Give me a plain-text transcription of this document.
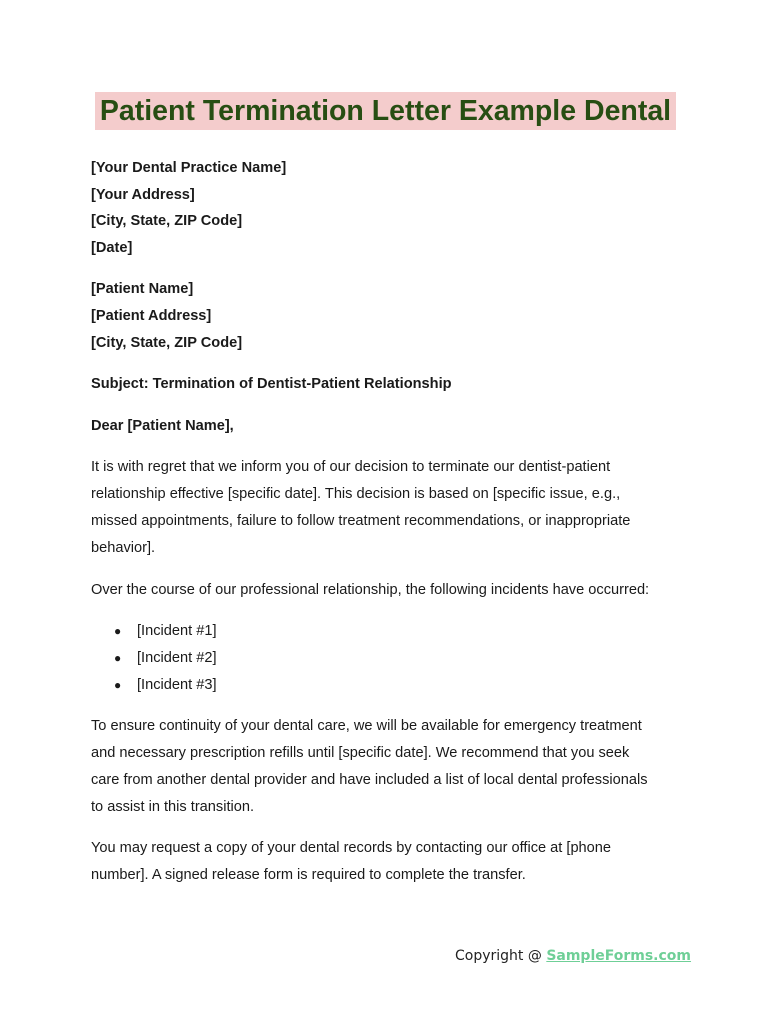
Patient Termination Letter Example Dental
[Your Dental Practice Name]
[Your Address]
[City, State, ZIP Code]
[Date]
[Patient Name]
[Patient Address]
[City, State, ZIP Code]
Subject: Termination of Dentist-Patient Relationship
Dear [Patient Name],
It is with regret that we inform you of our decision to terminate our dentist-patient
relationship effective [specific date]. This decision is based on [specific issue, e.g.,
missed appointments, failure to follow treatment recommendations, or inappropriate
behavior].
Over the course of our professional relationship, the following incidents have occurred:
● [Incident #1]
● [Incident #2]
● [Incident #3]
To ensure continuity of your dental care, we will be available for emergency treatment
and necessary prescription refills until [specific date]. We recommend that you seek
care from another dental provider and have included a list of local dental professionals
to assist in this transition.
You may request a copy of your dental records by contacting our office at [phone
number]. A signed release form is required to complete the transfer.
Copyright @ SampleForms.com
